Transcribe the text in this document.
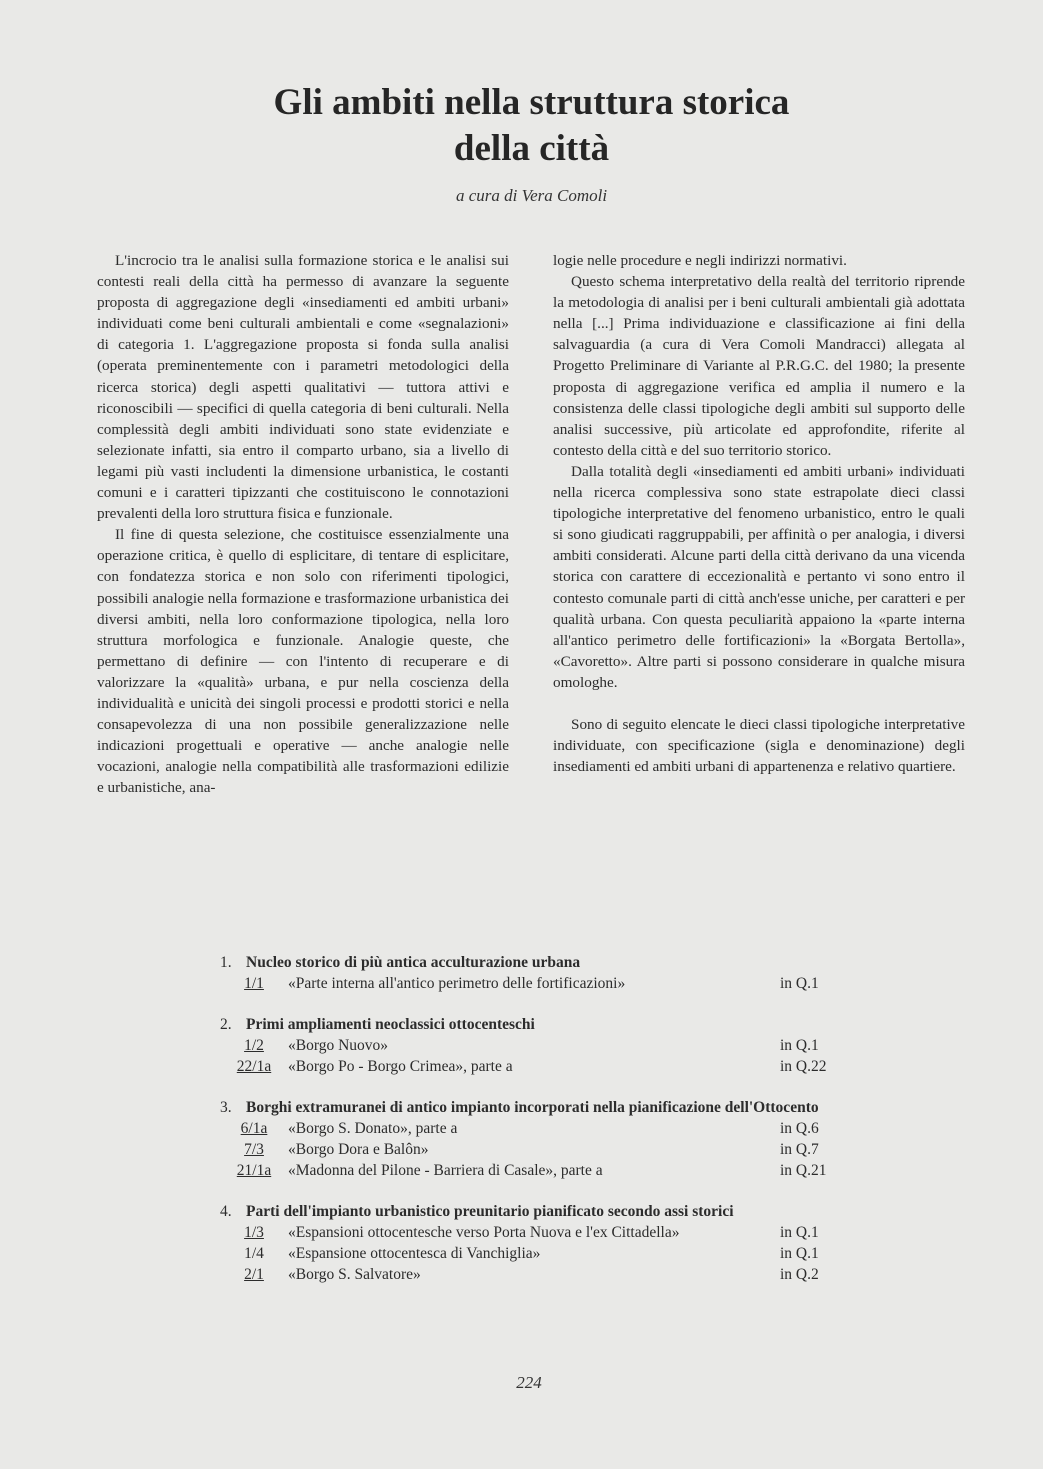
Gli ambiti nella struttura storica
della città
a cura di Vera Comoli

L'incrocio tra le analisi sulla formazione storica e le analisi sui contesti reali della città ha permesso di avanzare la seguente proposta di aggregazione degli «insediamenti ed ambiti urbani» individuati come beni culturali ambientali e come «segnalazioni» di categoria 1. L'aggregazione proposta si fonda sulla analisi (operata preminentemente con i parametri metodologici della ricerca storica) degli aspetti qualitativi — tuttora attivi e riconoscibili — specifici di quella categoria di beni culturali. Nella complessità degli ambiti individuati sono state evidenziate e selezionate infatti, sia entro il comparto urbano, sia a livello di legami più vasti includenti la dimensione urbanistica, le costanti comuni e i caratteri tipizzanti che costituiscono le connotazioni prevalenti della loro struttura fisica e funzionale.

Il fine di questa selezione, che costituisce essenzialmente una operazione critica, è quello di esplicitare, di tentare di esplicitare, con fondatezza storica e non solo con riferimenti tipologici, possibili analogie nella formazione e trasformazione urbanistica dei diversi ambiti, nella loro conformazione tipologica, nella loro struttura morfologica e funzionale. Analogie queste, che permettano di definire — con l'intento di recuperare e di valorizzare la «qualità» urbana, e pur nella coscienza della individualità e unicità dei singoli processi e prodotti storici e nella consapevolezza di una non possibile generalizzazione nelle indicazioni progettuali e operative — anche analogie nelle vocazioni, analogie nella compatibilità alle trasformazioni edilizie e urbanistiche, ana-

logie nelle procedure e negli indirizzi normativi.

Questo schema interpretativo della realtà del territorio riprende la metodologia di analisi per i beni culturali ambientali già adottata nella [...] Prima individuazione e classificazione ai fini della salvaguardia (a cura di Vera Comoli Mandracci) allegata al Progetto Preliminare di Variante al P.R.G.C. del 1980; la presente proposta di aggregazione verifica ed amplia il numero e la consistenza delle classi tipologiche degli ambiti sul supporto delle analisi successive, più articolate ed approfondite, riferite al contesto della città e del suo territorio storico.

Dalla totalità degli «insediamenti ed ambiti urbani» individuati nella ricerca complessiva sono state estrapolate dieci classi tipologiche interpretative del fenomeno urbanistico, entro le quali si sono giudicati raggruppabili, per affinità o per analogia, i diversi ambiti considerati. Alcune parti della città derivano da una vicenda storica con carattere di eccezionalità e pertanto vi sono entro il contesto comunale parti di città anch'esse uniche, per caratteri e per qualità urbana. Con questa peculiarità appaiono la «parte interna all'antico perimetro delle fortificazioni» la «Borgata Bertolla», «Cavoretto». Altre parti si possono considerare in qualche misura omologhe.

Sono di seguito elencate le dieci classi tipologiche interpretative individuate, con specificazione (sigla e denominazione) degli insediamenti ed ambiti urbani di appartenenza e relativo quartiere.

1. Nucleo storico di più antica acculturazione urbana
1/1	«Parte interna all'antico perimetro delle fortificazioni»	in Q.1
2. Primi ampliamenti neoclassici ottocenteschi
1/2	«Borgo Nuovo»	in Q.1
22/1a	«Borgo Po - Borgo Crimea», parte a	in Q.22
3. Borghi extramuranei di antico impianto incorporati nella pianificazione dell'Ottocento
6/1a	«Borgo S. Donato», parte a	in Q.6
7/3	«Borgo Dora e Balôn»	in Q.7
21/1a	«Madonna del Pilone - Barriera di Casale», parte a	in Q.21
4. Parti dell'impianto urbanistico preunitario pianificato secondo assi storici
1/3	«Espansioni ottocentesche verso Porta Nuova e l'ex Cittadella»	in Q.1
1/4	«Espansione ottocentesca di Vanchiglia»	in Q.1
2/1	«Borgo S. Salvatore»	in Q.2
224
